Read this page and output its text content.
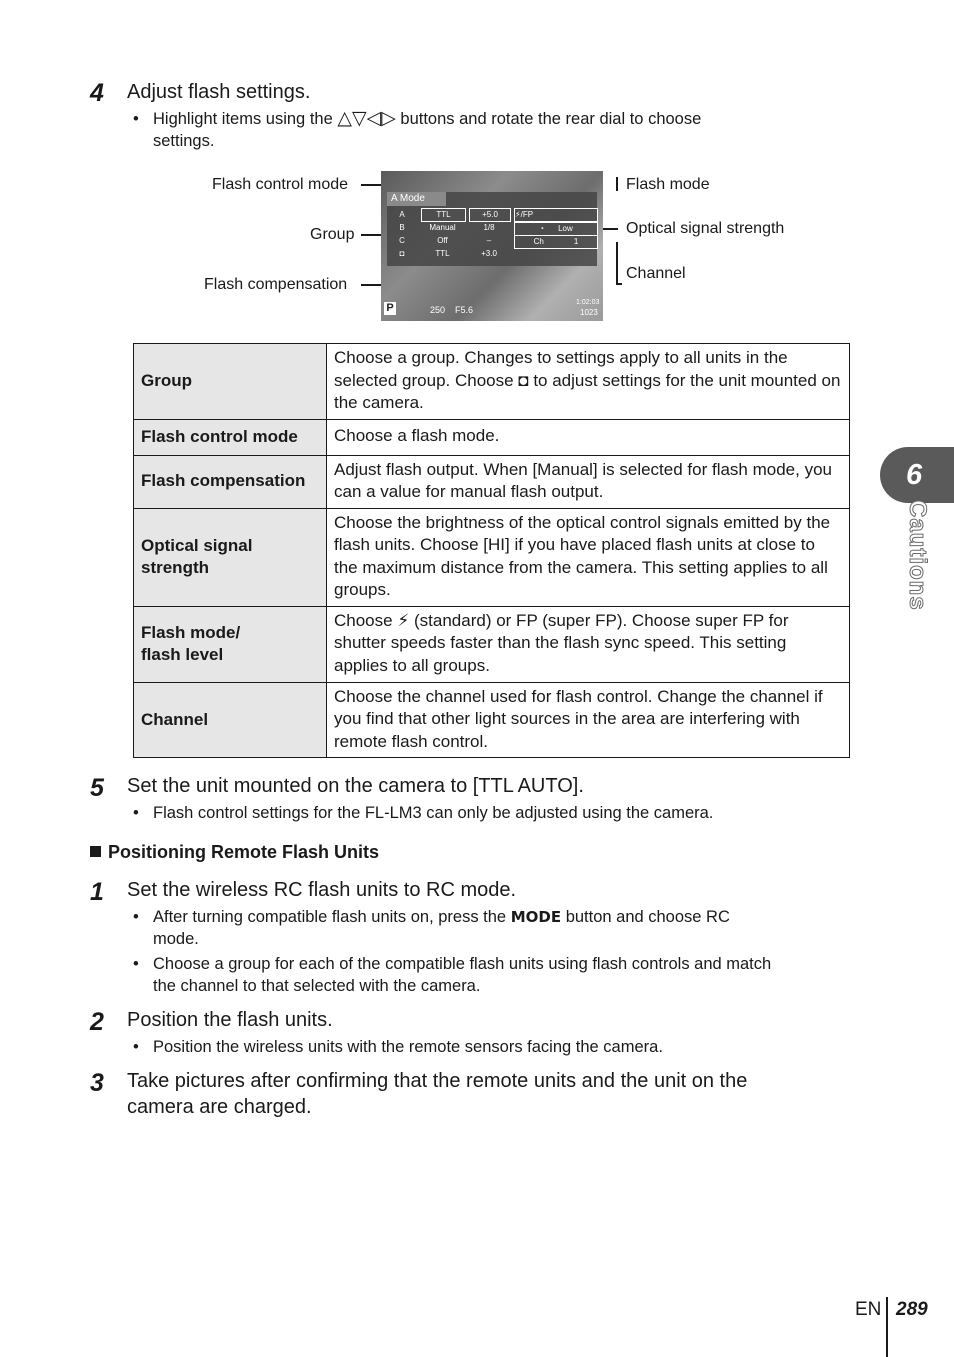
4 Adjust flash settings.
• Highlight items using the △▽◁▷ buttons and rotate the rear dial to choose
settings.
Flash control mode
Group
Flash compensation
Flash mode
Optical signal strength
Channel
A Mode
A
B
C
◘
TTL
Manual
Off
TTL
+5.0
1/8
–
+3.0
⚡/FP
◔ Low
Ch	1
P	250 F5.6
1:02:03
1023
Group	Choose a group. Changes to settings apply to all units in the selected group. Choose ◘ to adjust settings for the unit mounted on the camera.
Flash control mode	Choose a flash mode.
Flash compensation	Adjust flash output. When [Manual] is selected for flash mode, you can a value for manual flash output.
Optical signal strength	Choose the brightness of the optical control signals emitted by the flash units. Choose [HI] if you have placed flash units at close to the maximum distance from the camera. This setting applies to all groups.
Flash mode/
flash level	Choose ⚡ (standard) or FP (super FP). Choose super FP for shutter speeds faster than the flash sync speed. This setting applies to all groups.
Channel	Choose the channel used for flash control. Change the channel if you find that other light sources in the area are interfering with remote flash control.
5 Set the unit mounted on the camera to [TTL AUTO].
• Flash control settings for the FL-LM3 can only be adjusted using the camera.
Positioning Remote Flash Units
1 Set the wireless RC flash units to RC mode.
• After turning compatible flash units on, press the MODE button and choose RC
mode.
• Choose a group for each of the compatible flash units using flash controls and match
the channel to that selected with the camera.
2 Position the flash units.
• Position the wireless units with the remote sensors facing the camera.
3 Take pictures after confirming that the remote units and the unit on the
camera are charged.
6
Cautions
EN 289
